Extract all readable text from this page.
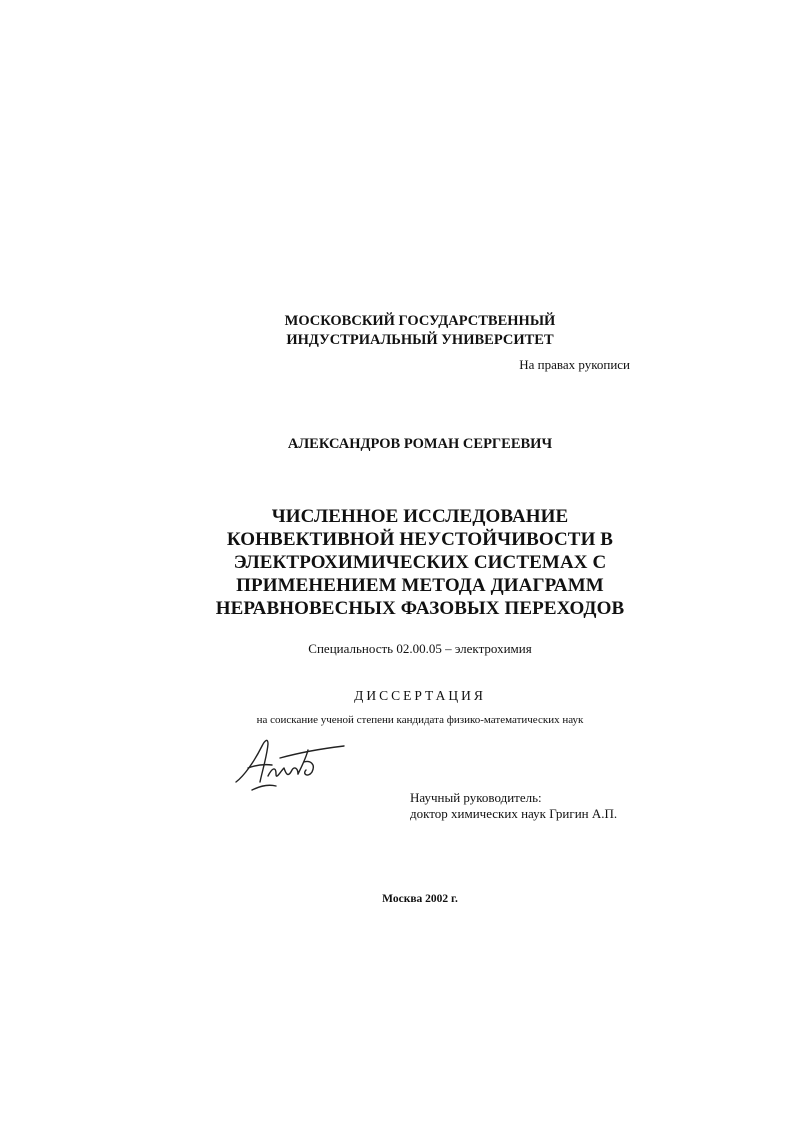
МОСКОВСКИЙ ГОСУДАРСТВЕННЫЙ
ИНДУСТРИАЛЬНЫЙ УНИВЕРСИТЕТ
На правах рукописи
АЛЕКСАНДРОВ РОМАН СЕРГЕЕВИЧ
ЧИСЛЕННОЕ ИССЛЕДОВАНИЕ
КОНВЕКТИВНОЙ НЕУСТОЙЧИВОСТИ В
ЭЛЕКТРОХИМИЧЕСКИХ СИСТЕМАХ С
ПРИМЕНЕНИЕМ МЕТОДА ДИАГРАММ
НЕРАВНОВЕСНЫХ ФАЗОВЫХ ПЕРЕХОДОВ
Специальность 02.00.05 – электрохимия
ДИССЕРТАЦИЯ
на соискание ученой степени кандидата физико-математических наук
Научный руководитель:
доктор химических наук Григин А.П.
Москва 2002 г.
